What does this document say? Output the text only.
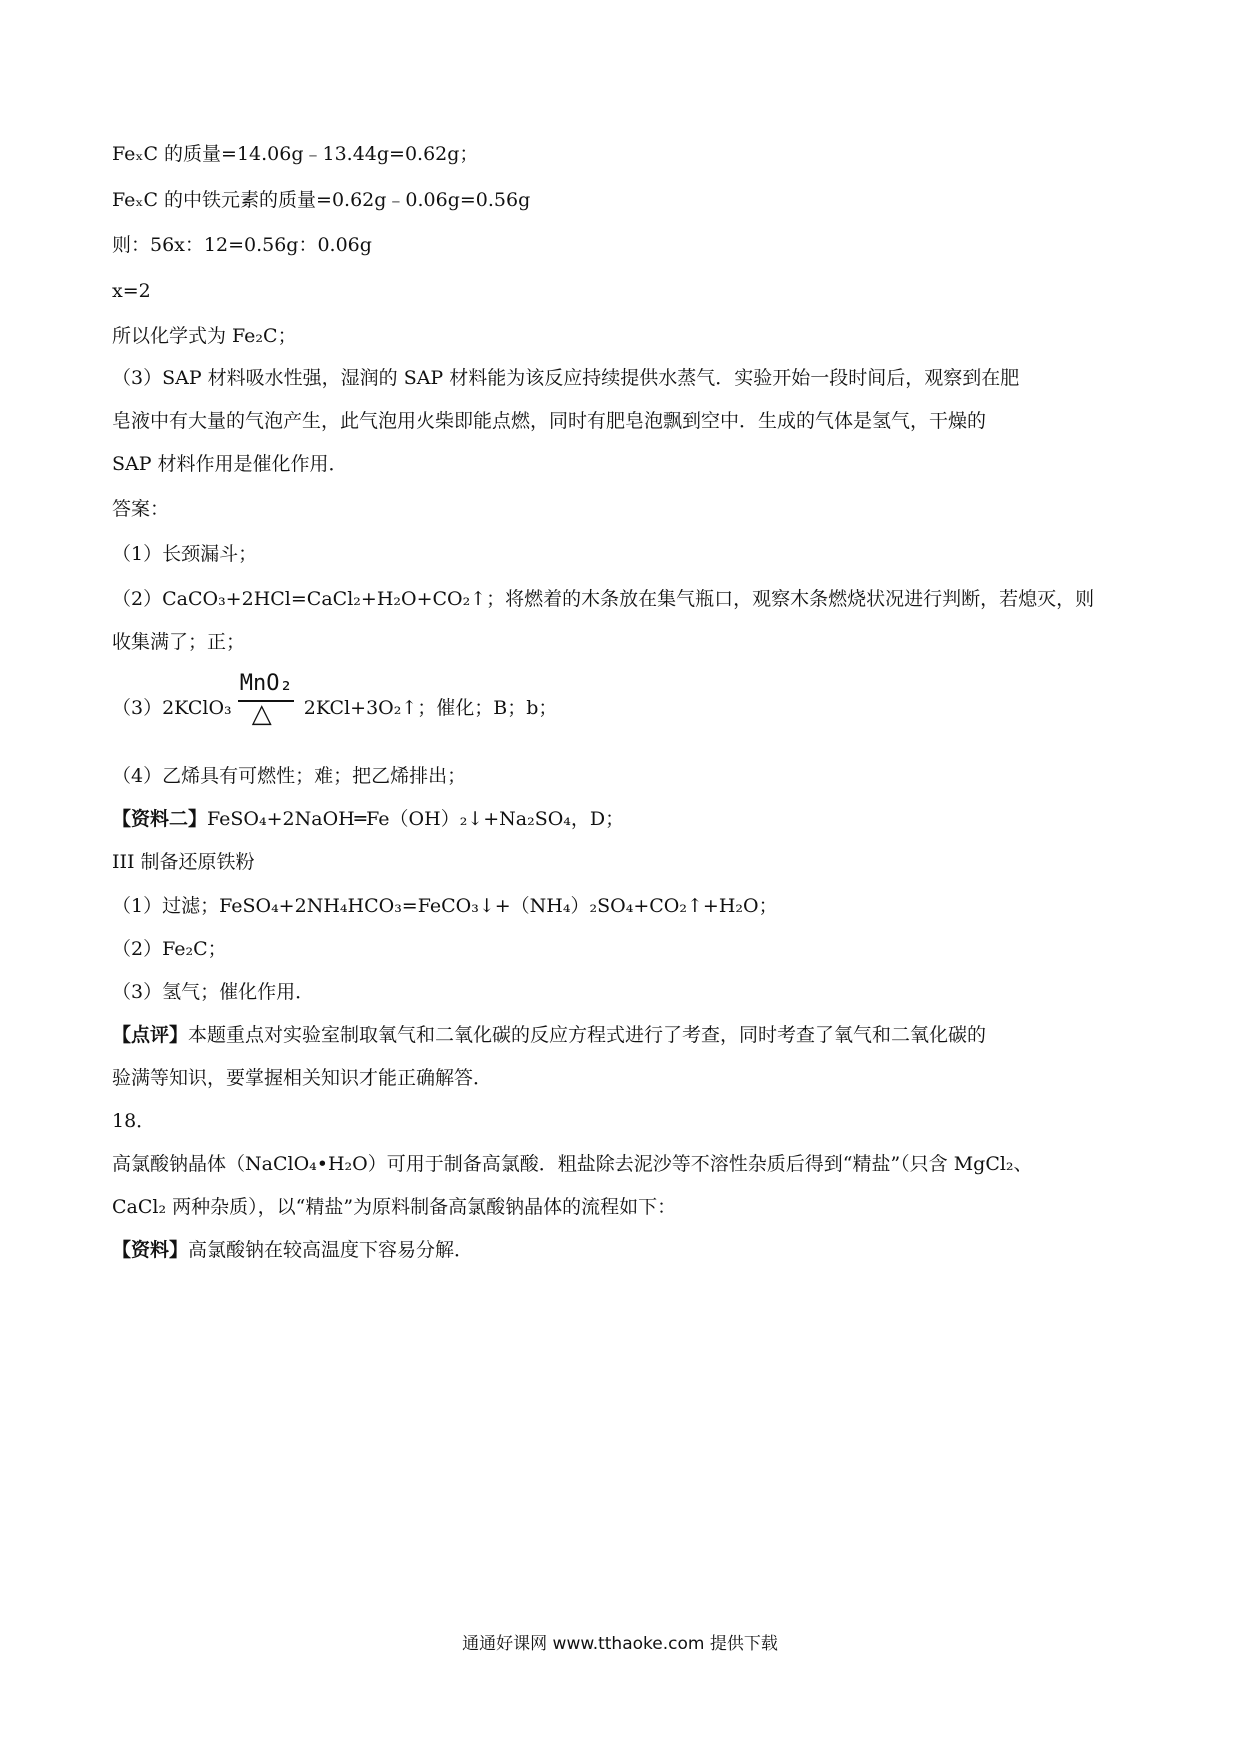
FeₓC 的质量=14.06g﹣13.44g=0.62g；
FeₓC 的中铁元素的质量=0.62g﹣0.06g=0.56g
则：56x：12=0.56g：0.06g
x=2
所以化学式为 Fe₂C；
（3）SAP 材料吸水性强，湿润的 SAP 材料能为该反应持续提供水蒸气．实验开始一段时间后，观察到在肥
皂液中有大量的气泡产生，此气泡用火柴即能点燃，同时有肥皂泡飘到空中．生成的气体是氢气，干燥的
SAP 材料作用是催化作用．
答案：
（1）长颈漏斗；
（2）CaCO₃+2HCl=CaCl₂+H₂O+CO₂↑；将燃着的木条放在集气瓶口，观察木条燃烧状况进行判断，若熄灭，则
收集满了；正；
（3）2KClO₃
MnO₂
△ 2KCl+3O₂↑；催化；B；b；
（4）乙烯具有可燃性；难；把乙烯排出；
【资料二】FeSO₄+2NaOH═Fe（OH）₂↓+Na₂SO₄，D；
III 制备还原铁粉
（1）过滤；FeSO₄+2NH₄HCO₃=FeCO₃↓+（NH₄）₂SO₄+CO₂↑+H₂O；
（2）Fe₂C；
（3）氢气；催化作用．
【点评】本题重点对实验室制取氧气和二氧化碳的反应方程式进行了考查，同时考查了氧气和二氧化碳的
验满等知识，要掌握相关知识才能正确解答．
18．
高氯酸钠晶体（NaClO₄•H₂O）可用于制备高氯酸．粗盐除去泥沙等不溶性杂质后得到“精盐”（只含 MgCl₂、
CaCl₂ 两种杂质），以“精盐”为原料制备高氯酸钠晶体的流程如下：
【资料】高氯酸钠在较高温度下容易分解．
通通好课网 www.tthaoke.com 提供下载
